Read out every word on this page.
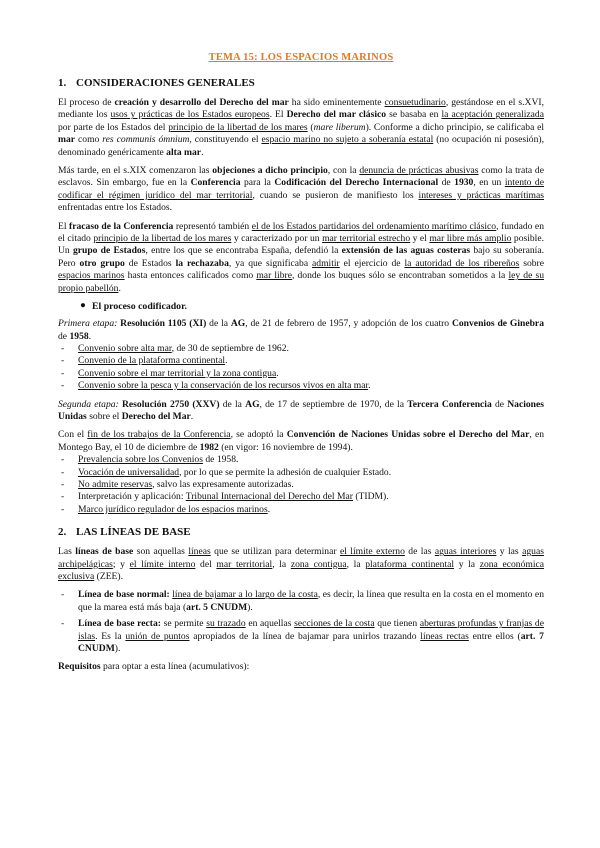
TEMA 15: LOS ESPACIOS MARINOS
1. CONSIDERACIONES GENERALES

El proceso de creación y desarrollo del Derecho del mar ha sido eminentemente consuetudinario, gestándose en el s.XVI, mediante los usos y prácticas de los Estados europeos. El Derecho del mar clásico se basaba en la aceptación generalizada por parte de los Estados del principio de la libertad de los mares (mare liberum). Conforme a dicho principio, se calificaba el mar como res communis ómnium, constituyendo el espacio marino no sujeto a soberanía estatal (no ocupación ni posesión), denominado genéricamente alta mar.

Más tarde, en el s.XIX comenzaron las objeciones a dicho principio, con la denuncia de prácticas abusivas como la trata de esclavos. Sin embargo, fue en la Conferencia para la Codificación del Derecho Internacional de 1930, en un intento de codificar el régimen jurídico del mar territorial, cuando se pusieron de manifiesto los intereses y prácticas marítimas enfrentadas entre los Estados.

El fracaso de la Conferencia representó también el de los Estados partidarios del ordenamiento marítimo clásico, fundado en el citado principio de la libertad de los mares y caracterizado por un mar territorial estrecho y el mar libre más amplio posible. Un grupo de Estados, entre los que se encontraba España, defendió la extensión de las aguas costeras bajo su soberanía. Pero otro grupo de Estados la rechazaba, ya que significaba admitir el ejercicio de la autoridad de los ribereños sobre espacios marinos hasta entonces calificados como mar libre, donde los buques sólo se encontraban sometidos a la ley de su propio pabellón.

● El proceso codificador.

Primera etapa: Resolución 1105 (XI) de la AG, de 21 de febrero de 1957, y adopción de los cuatro Convenios de Ginebra de 1958.

- Convenio sobre alta mar, de 30 de septiembre de 1962.
- Convenio de la plataforma continental.
- Convenio sobre el mar territorial y la zona contigua.
- Convenio sobre la pesca y la conservación de los recursos vivos en alta mar.

Segunda etapa: Resolución 2750 (XXV) de la AG, de 17 de septiembre de 1970, de la Tercera Conferencia de Naciones Unidas sobre el Derecho del Mar.

Con el fin de los trabajos de la Conferencia, se adoptó la Convención de Naciones Unidas sobre el Derecho del Mar, en Montego Bay, el 10 de diciembre de 1982 (en vigor: 16 noviembre de 1994).

- Prevalencia sobre los Convenios de 1958.
- Vocación de universalidad, por lo que se permite la adhesión de cualquier Estado.
- No admite reservas, salvo las expresamente autorizadas.
- Interpretación y aplicación: Tribunal Internacional del Derecho del Mar (TIDM).
- Marco jurídico regulador de los espacios marinos.
2. LAS LÍNEAS DE BASE

Las líneas de base son aquellas líneas que se utilizan para determinar el límite externo de las aguas interiores y las aguas archipelágicas; y el límite interno del mar territorial, la zona contigua, la plataforma continental y la zona económica exclusiva (ZEE).

- Línea de base normal: línea de bajamar a lo largo de la costa, es decir, la línea que resulta en la costa en el momento en que la marea está más baja (art. 5 CNUDM).
- Línea de base recta: se permite su trazado en aquellas secciones de la costa que tienen aberturas profundas y franjas de islas. Es la unión de puntos apropiados de la línea de bajamar para unirlos trazando líneas rectas entre ellos (art. 7 CNUDM).

Requisitos para optar a esta línea (acumulativos):
